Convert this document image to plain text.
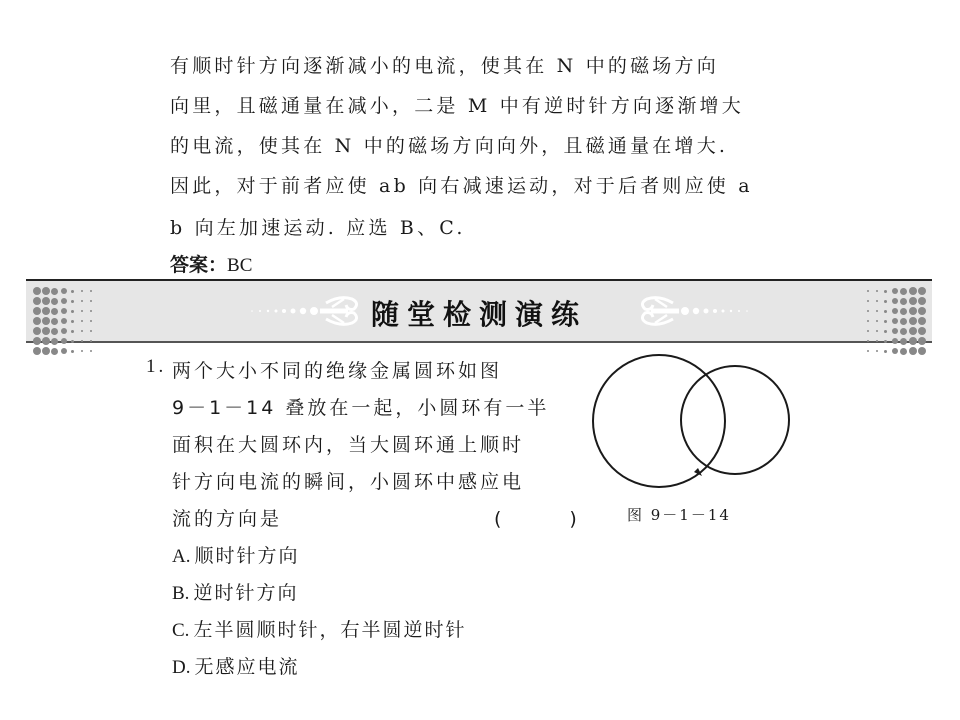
有顺时针方向逐渐减小的电流，使其在 N 中的磁场方向
向里，且磁通量在减小，二是 M 中有逆时针方向逐渐增大
的电流，使其在 N 中的磁场方向向外，且磁通量在增大.
因此，对于前者应使 ab 向右减速运动，对于后者则应使 a
b 向左加速运动. 应选 B、C.
答案：BC
随堂检测演练
1. 两个大小不同的绝缘金属圆环如图
9－1－14 叠放在一起，小圆环有一半
面积在大圆环内，当大圆环通上顺时
针方向电流的瞬间，小圆环中感应电
流的方向是	(　　)
A. 顺时针方向
B. 逆时针方向
C. 左半圆顺时针，右半圆逆时针
D. 无感应电流
图 9－1－14
